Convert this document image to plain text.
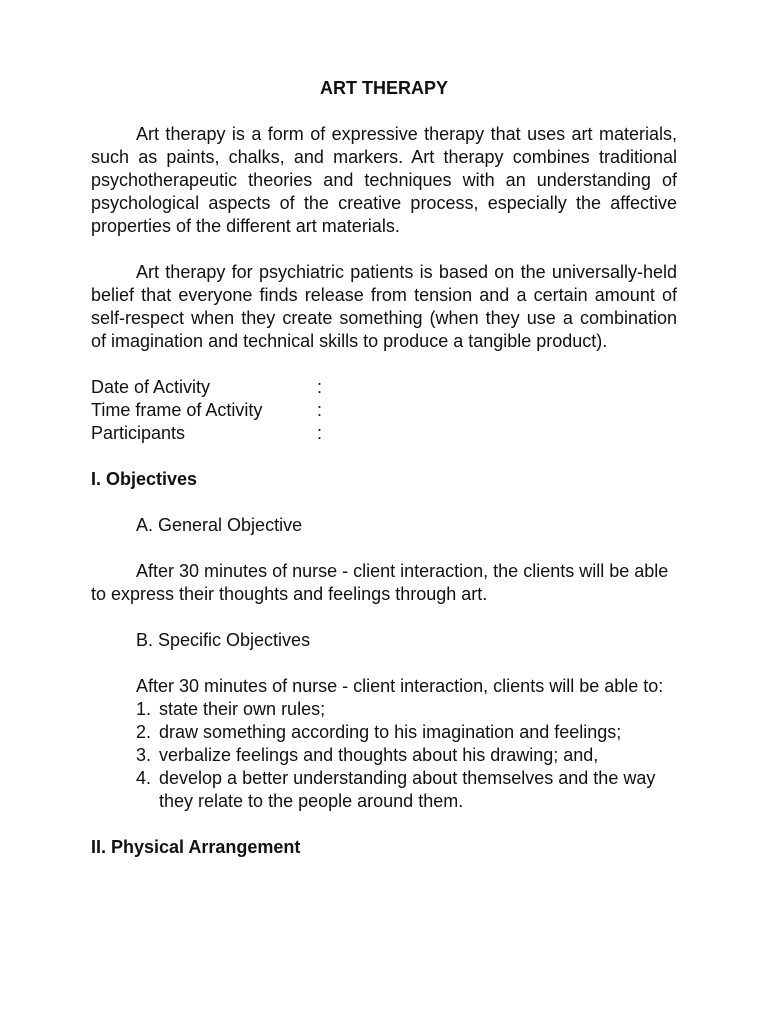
ART THERAPY

Art therapy is a form of expressive therapy that uses art materials, such as paints, chalks, and markers. Art therapy combines traditional psychotherapeutic theories and techniques with an understanding of psychological aspects of the creative process, especially the affective properties of the different art materials.

Art therapy for psychiatric patients is based on the universally-held belief that everyone finds release from tension and a certain amount of self-respect when they create something (when they use a combination of imagination and technical skills to produce a tangible product).

Date of Activity	:
Time frame of Activity	:
Participants	:
I. Objectives
A. General Objective

After 30 minutes of nurse - client interaction, the clients will be able to express their thoughts and feelings through art.

B. Specific Objectives

After 30 minutes of nurse - client interaction, clients will be able to:

1. state their own rules;
2. draw something according to his imagination and feelings;
3. verbalize feelings and thoughts about his drawing; and,
4. develop a better understanding about themselves and the way they relate to the people around them.
II. Physical Arrangement
